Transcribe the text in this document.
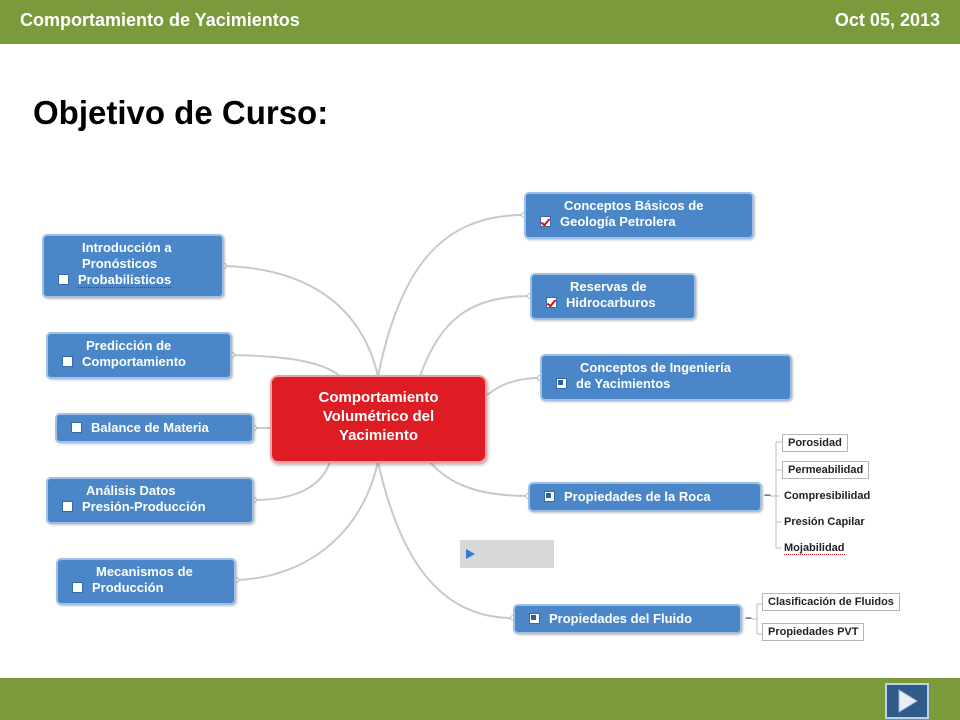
Comportamiento de Yacimientos	Oct 05, 2013
Objetivo de Curso:
Comportamiento
Volumétrico del
Yacimiento
Introducción a
Pronósticos
Probabilisticos
Predicción de
Comportamiento
Balance de Materia
Análisis Datos
Presión-Producción
Mecanismos de
Producción
Conceptos Básicos de
Geología Petrolera
Reservas de
Hidrocarburos
Conceptos de Ingeniería
de Yacimientos
Propiedades de la Roca	−
Propiedades del Fluido	−
Porosidad
Permeabilidad
Compresibilidad
Presión Capilar
Mojabilidad
Clasificación de Fluidos
Propiedades PVT
